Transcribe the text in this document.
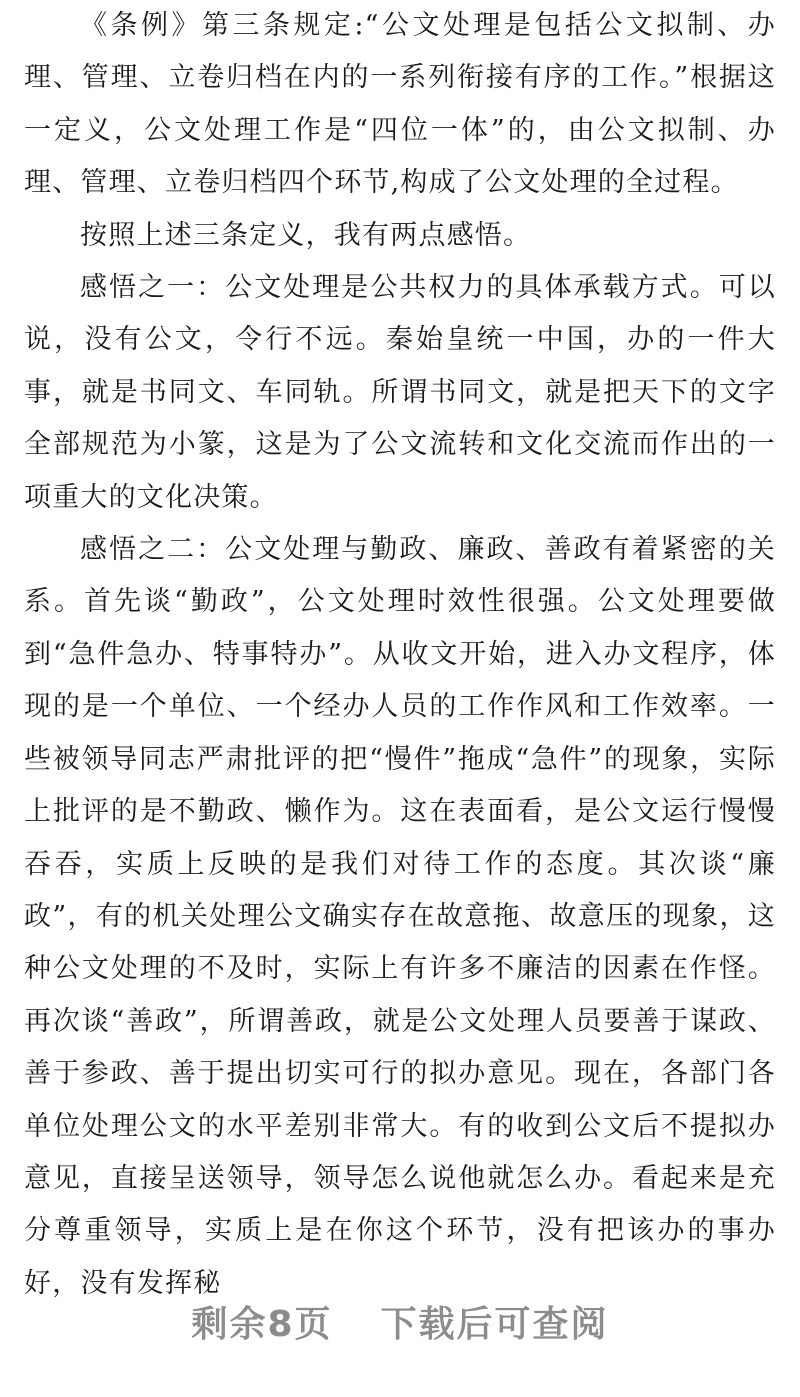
《条例》第三条规定:“公文处理是包括公文拟制、办理、管理、立卷归档在内的一系列衔接有序的工作。”根据这一定义，公文处理工作是“四位一体”的，由公文拟制、办理、管理、立卷归档四个环节,构成了公文处理的全过程。

按照上述三条定义，我有两点感悟。

感悟之一：公文处理是公共权力的具体承载方式。可以说，没有公文，令行不远。秦始皇统一中国，办的一件大事，就是书同文、车同轨。所谓书同文，就是把天下的文字全部规范为小篆，这是为了公文流转和文化交流而作出的一项重大的文化决策。

感悟之二：公文处理与勤政、廉政、善政有着紧密的关系。首先谈“勤政”，公文处理时效性很强。公文处理要做到“急件急办、特事特办”。从收文开始，进入办文程序，体现的是一个单位、一个经办人员的工作作风和工作效率。一些被领导同志严肃批评的把“慢件”拖成“急件”的现象，实际上批评的是不勤政、懒作为。这在表面看，是公文运行慢慢吞吞，实质上反映的是我们对待工作的态度。其次谈“廉政”，有的机关处理公文确实存在故意拖、故意压的现象，这种公文处理的不及时，实际上有许多不廉洁的因素在作怪。再次谈“善政”，所谓善政，就是公文处理人员要善于谋政、善于参政、善于提出切实可行的拟办意见。现在，各部门各单位处理公文的水平差别非常大。有的收到公文后不提拟办意见，直接呈送领导，领导怎么说他就怎么办。看起来是充分尊重领导，实质上是在你这个环节，没有把该办的事办好，没有发挥秘

剩余8页 下载后可查阅
